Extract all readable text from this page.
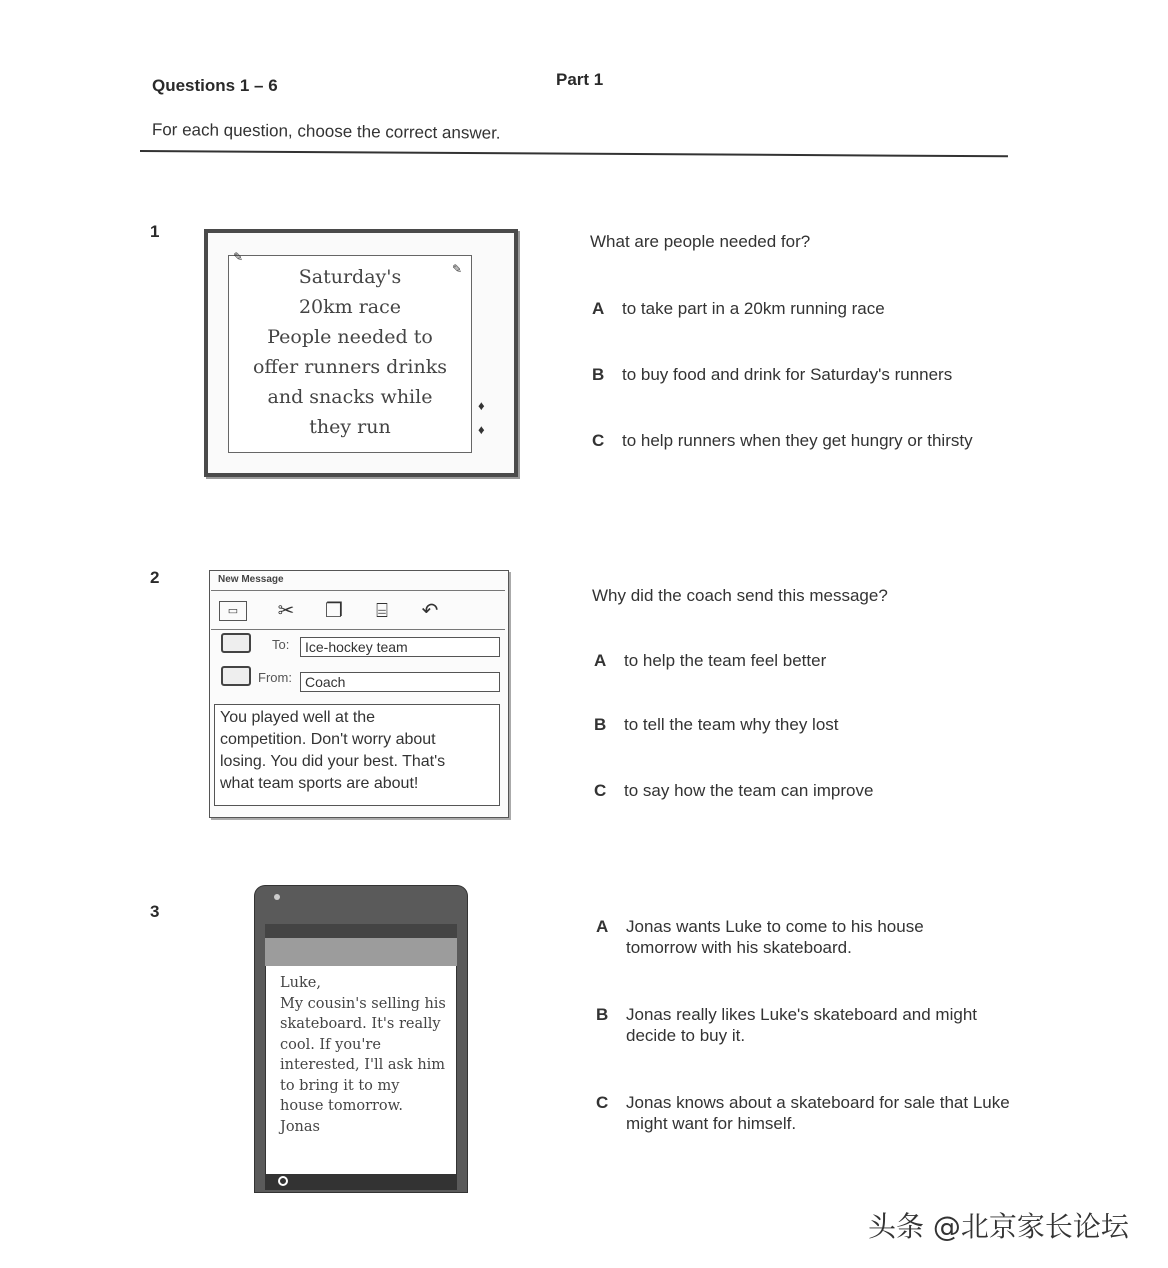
Questions 1 – 6	Part 1
For each question, choose the correct answer.
1
✎
✎
♦
♦
Saturday's
20km race
People needed to
offer runners drinks
and snacks while
they run
What are people needed for?
A	to take part in a 20km running race
B	to buy food and drink for Saturday's runners
C	to help runners when they get hungry or thirsty
2	New Message
▭	✂	❐	⌸	↶
To:	Ice-hockey team
From: Coach
You played well at the
competition. Don't worry about
losing. You did your best. That's
what team sports are about!
Why did the coach send this message?
A	to help the team feel better
B	to tell the team why they lost
C	to say how the team can improve
3
Luke,
My cousin's selling his
skateboard. It's really
cool. If you're
interested, I'll ask him
to bring it to my
house tomorrow.
Jonas
A	Jonas wants Luke to come to his house tomorrow with his skateboard.
B	Jonas really likes Luke's skateboard and might decide to buy it.
C	Jonas knows about a skateboard for sale that Luke might want for himself.
头条 @北京家长论坛
